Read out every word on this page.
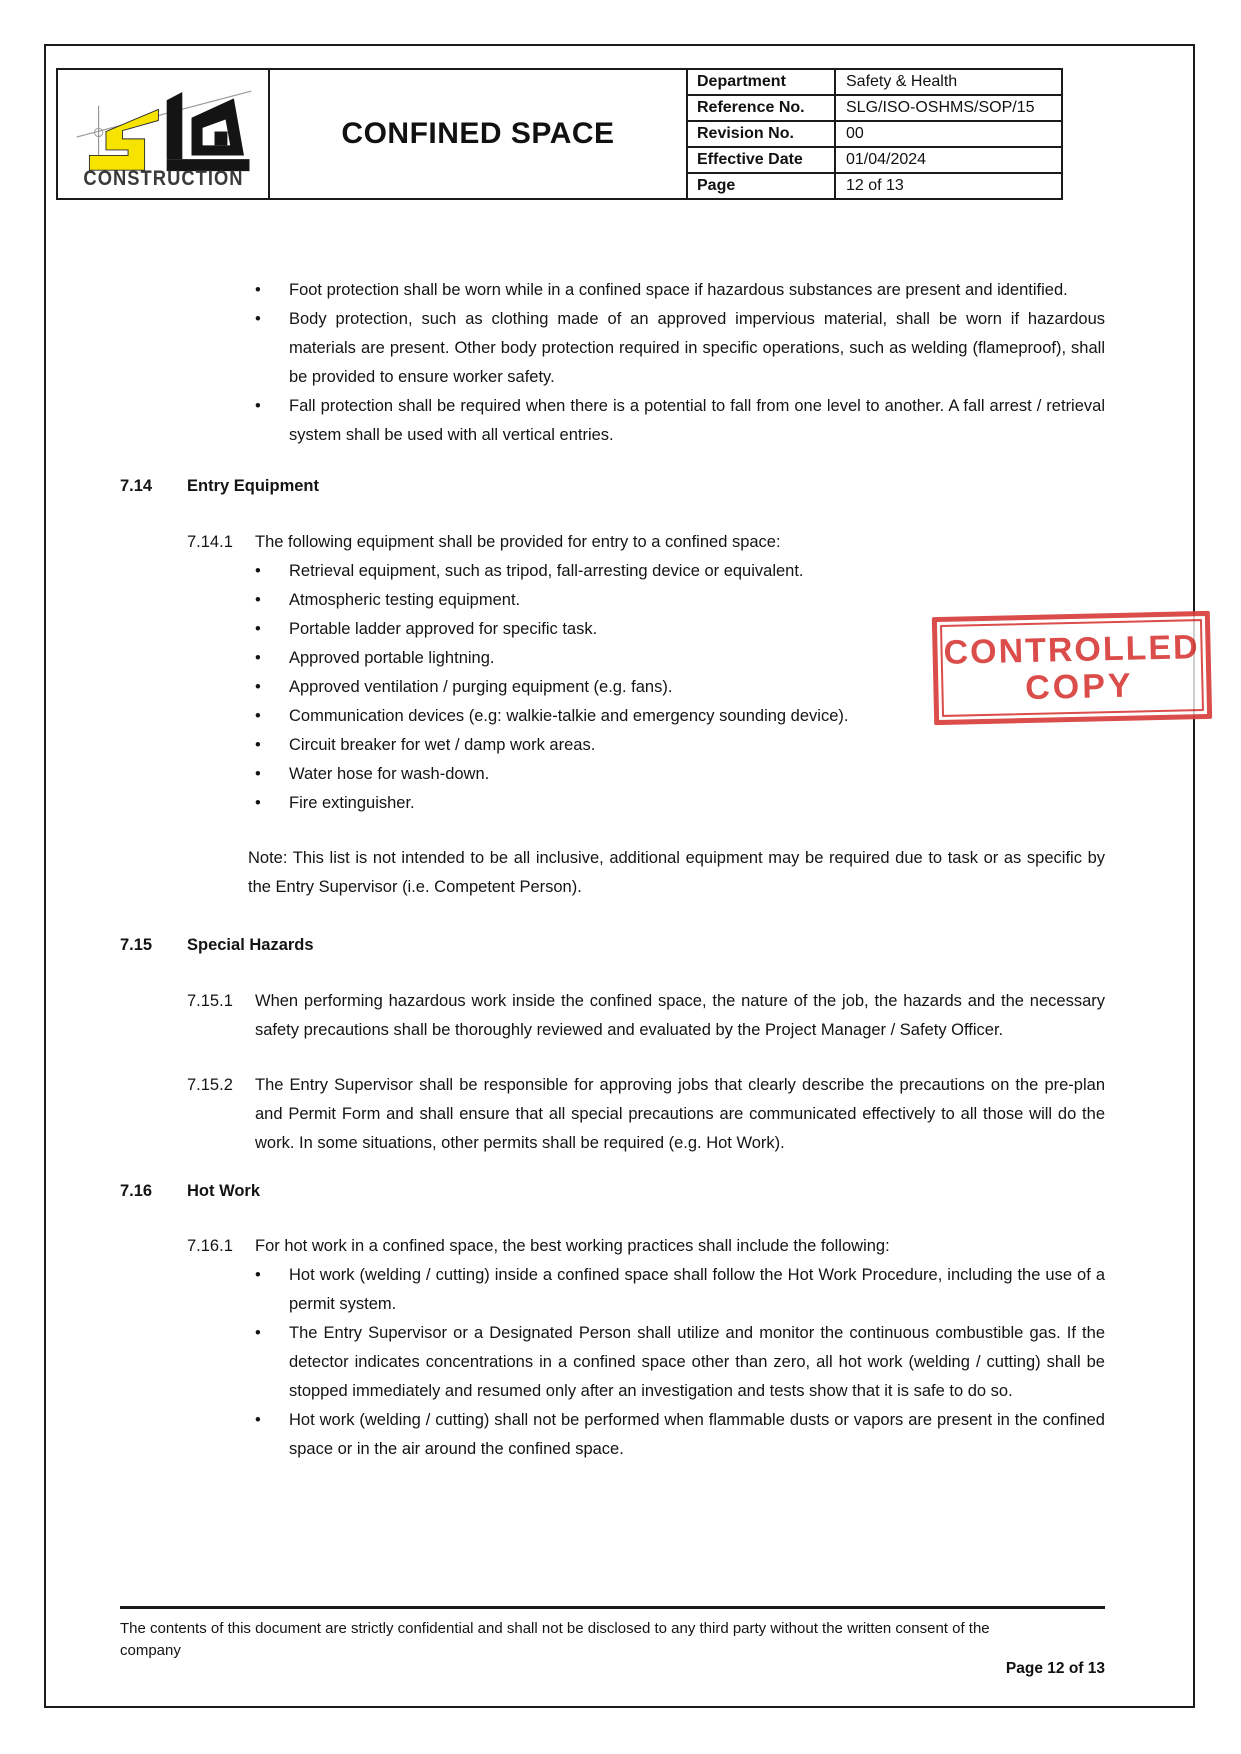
CONSTRUCTION
CONFINED SPACE
Department	Safety & Health
Reference No.	SLG/ISO-OSHMS/SOP/15
Revision No.	00
Effective Date	01/04/2024
Page	12 of 13
•	Foot protection shall be worn while in a confined space if hazardous substances are present and identified.
•	Body protection, such as clothing made of an approved impervious material, shall be worn if hazardous materials are present. Other body protection required in specific operations, such as welding (flameproof), shall be provided to ensure worker safety.
•	Fall protection shall be required when there is a potential to fall from one level to another. A fall arrest / retrieval system shall be used with all vertical entries.
7.14	Entry Equipment
7.14.1	The following equipment shall be provided for entry to a confined space:
•	Retrieval equipment, such as tripod, fall-arresting device or equivalent.
•	Atmospheric testing equipment.
•	Portable ladder approved for specific task.
•	Approved portable lightning.
•	Approved ventilation / purging equipment (e.g. fans).
•	Communication devices (e.g: walkie-talkie and emergency sounding device).
•	Circuit breaker for wet / damp work areas.
•	Water hose for wash-down.
•	Fire extinguisher.
Note: This list is not intended to be all inclusive, additional equipment may be required due to task or as specific by the Entry Supervisor (i.e. Competent Person).
7.15	Special Hazards
7.15.1	When performing hazardous work inside the confined space, the nature of the job, the hazards and the necessary safety precautions shall be thoroughly reviewed and evaluated by the Project Manager / Safety Officer.
7.15.2	The Entry Supervisor shall be responsible for approving jobs that clearly describe the precautions on the pre-plan and Permit Form and shall ensure that all special precautions are communicated effectively to all those will do the work. In some situations, other permits shall be required (e.g. Hot Work).
7.16	Hot Work
7.16.1	For hot work in a confined space, the best working practices shall include the following:
•	Hot work (welding / cutting) inside a confined space shall follow the Hot Work Procedure, including the use of a permit system.
•	The Entry Supervisor or a Designated Person shall utilize and monitor the continuous combustible gas. If the detector indicates concentrations in a confined space other than zero, all hot work (welding / cutting) shall be stopped immediately and resumed only after an investigation and tests show that it is safe to do so.
•	Hot work (welding / cutting) shall not be performed when flammable dusts or vapors are present in the confined space or in the air around the confined space.
CONTROLLED
COPY
The contents of this document are strictly confidential and shall not be disclosed to any third party without the written consent of the company
Page 12 of 13
